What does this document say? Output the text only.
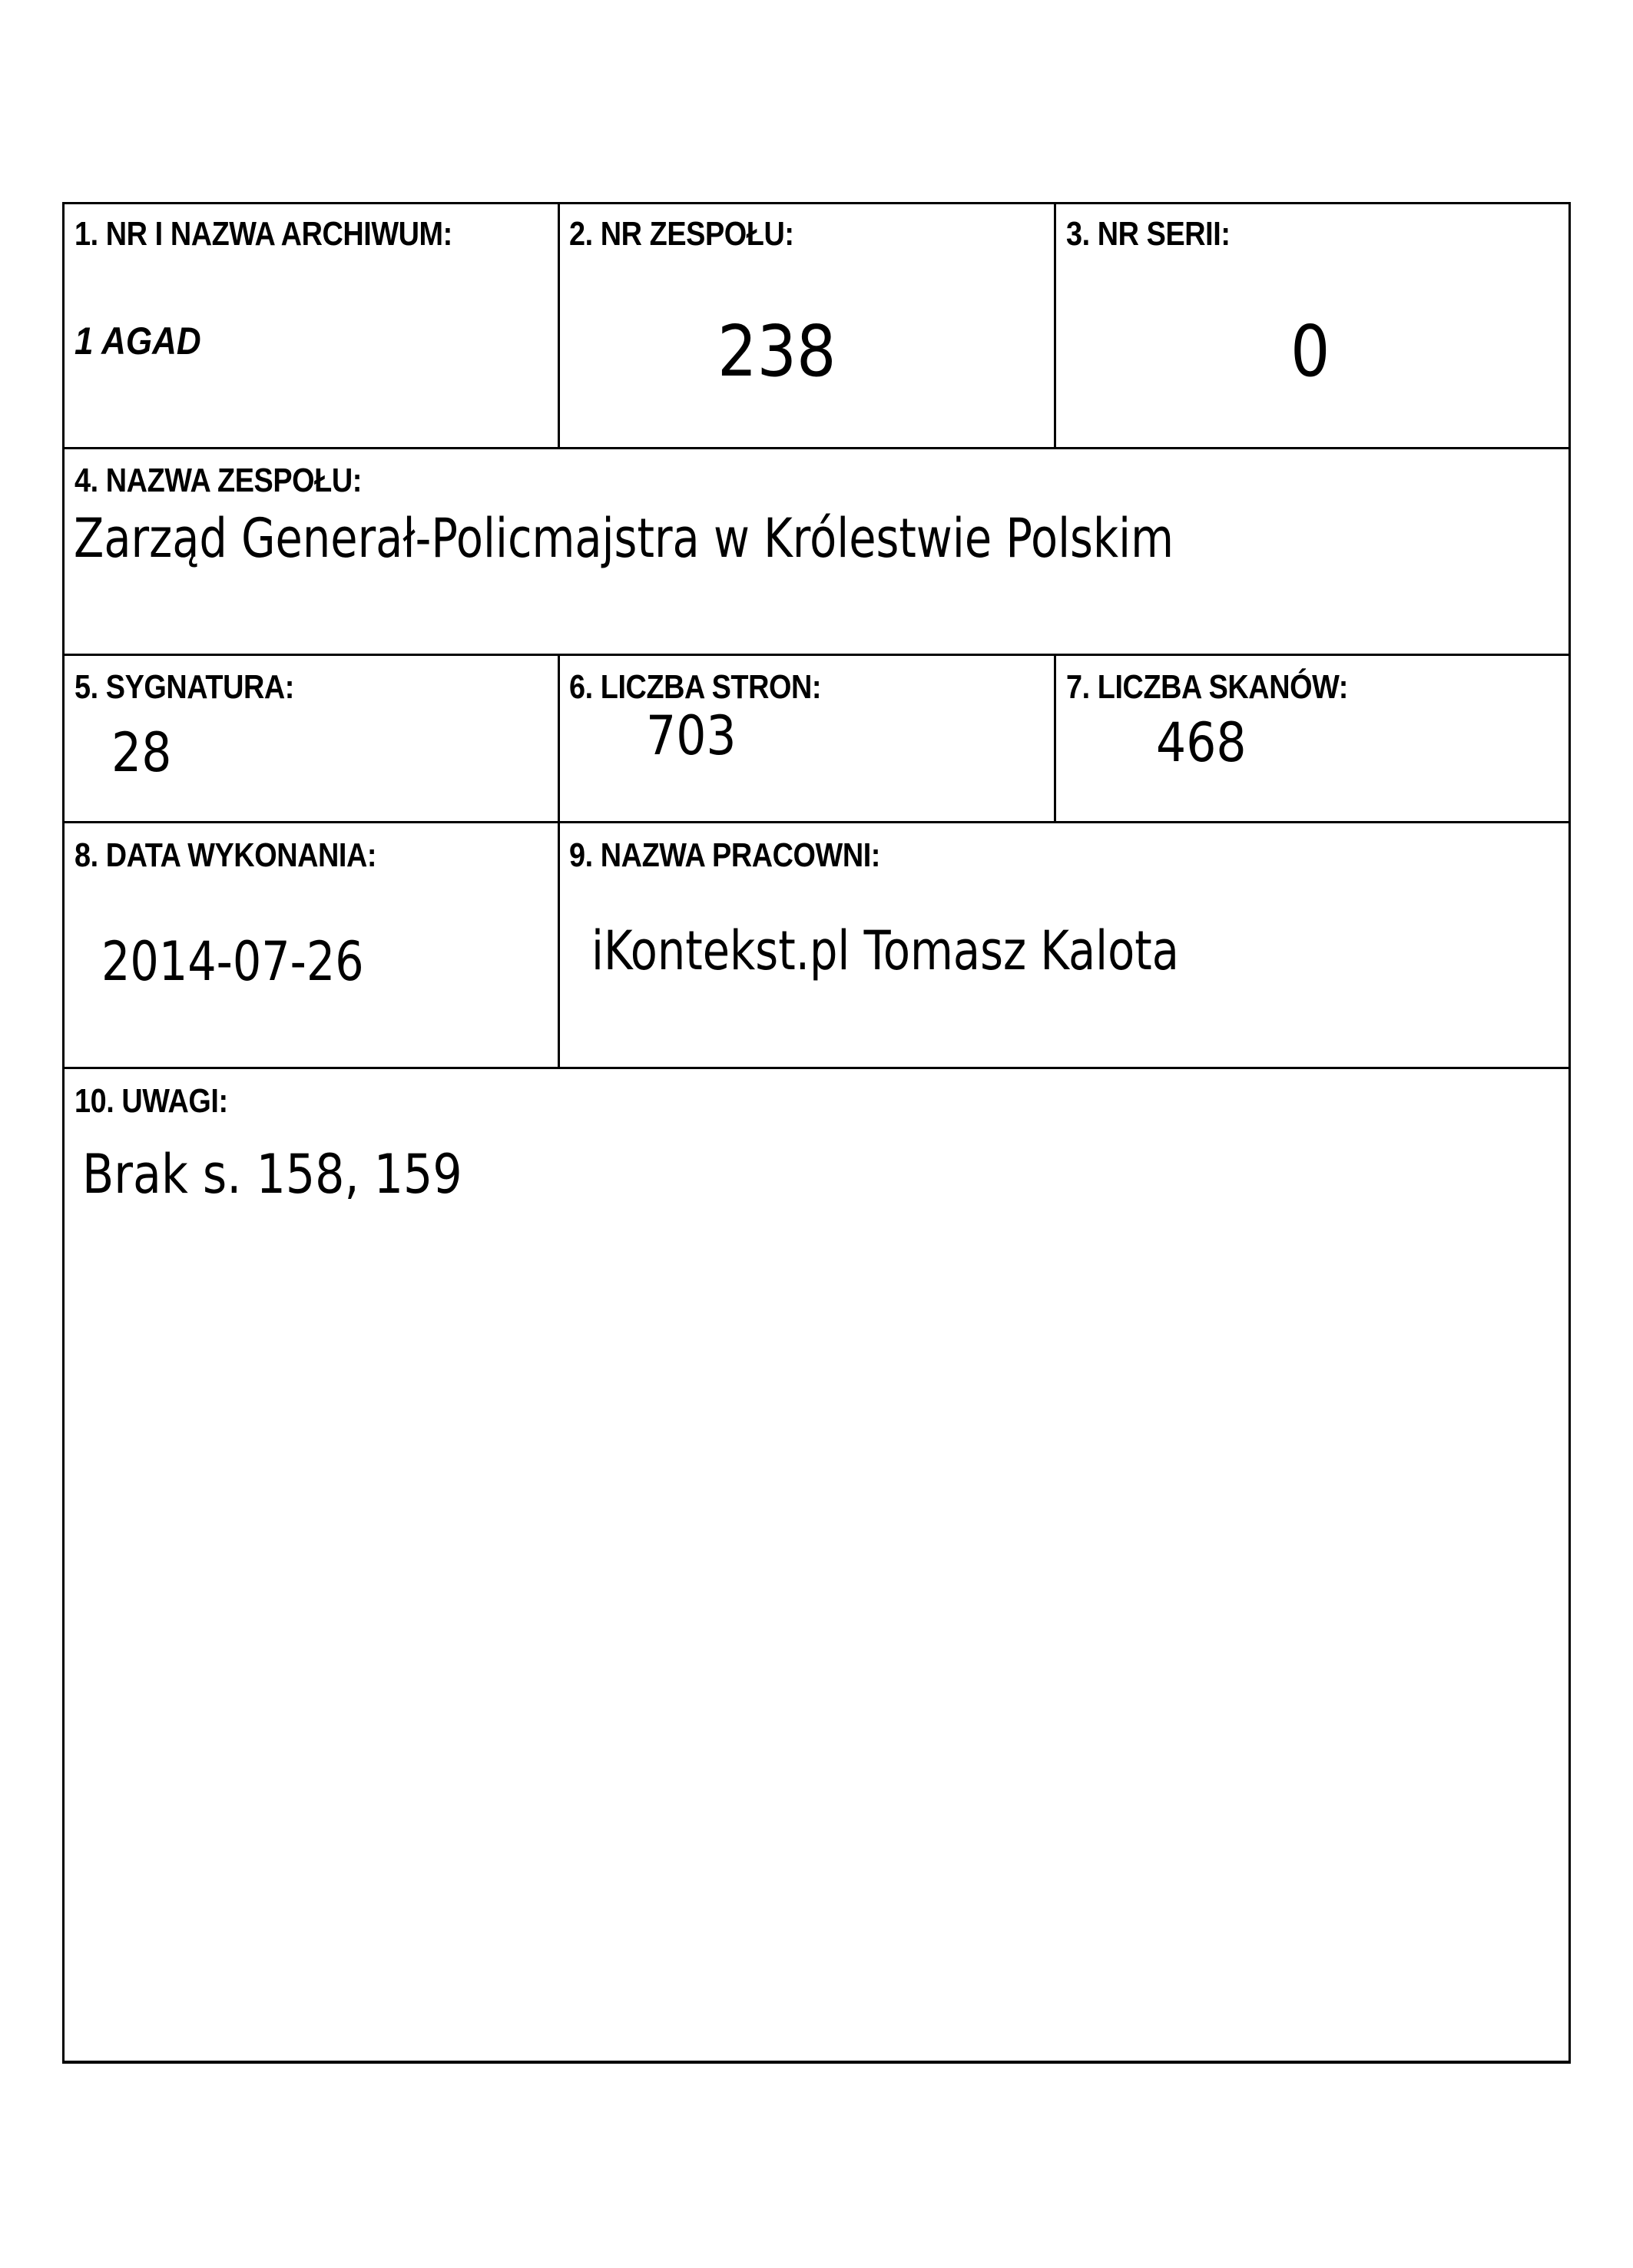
1. NR I NAZWA ARCHIWUM:
1 AGAD
2. NR ZESPOŁU:
238
3. NR SERII:
0
4. NAZWA ZESPOŁU:
Zarząd Generał-Policmajstra w Królestwie Polskim
5. SYGNATURA:
28
6. LICZBA STRON:
703
7. LICZBA SKANÓW:
468
8. DATA WYKONANIA:
2014-07-26
9. NAZWA PRACOWNI:
iKontekst.pl Tomasz Kalota
10. UWAGI:
Brak s. 158, 159
